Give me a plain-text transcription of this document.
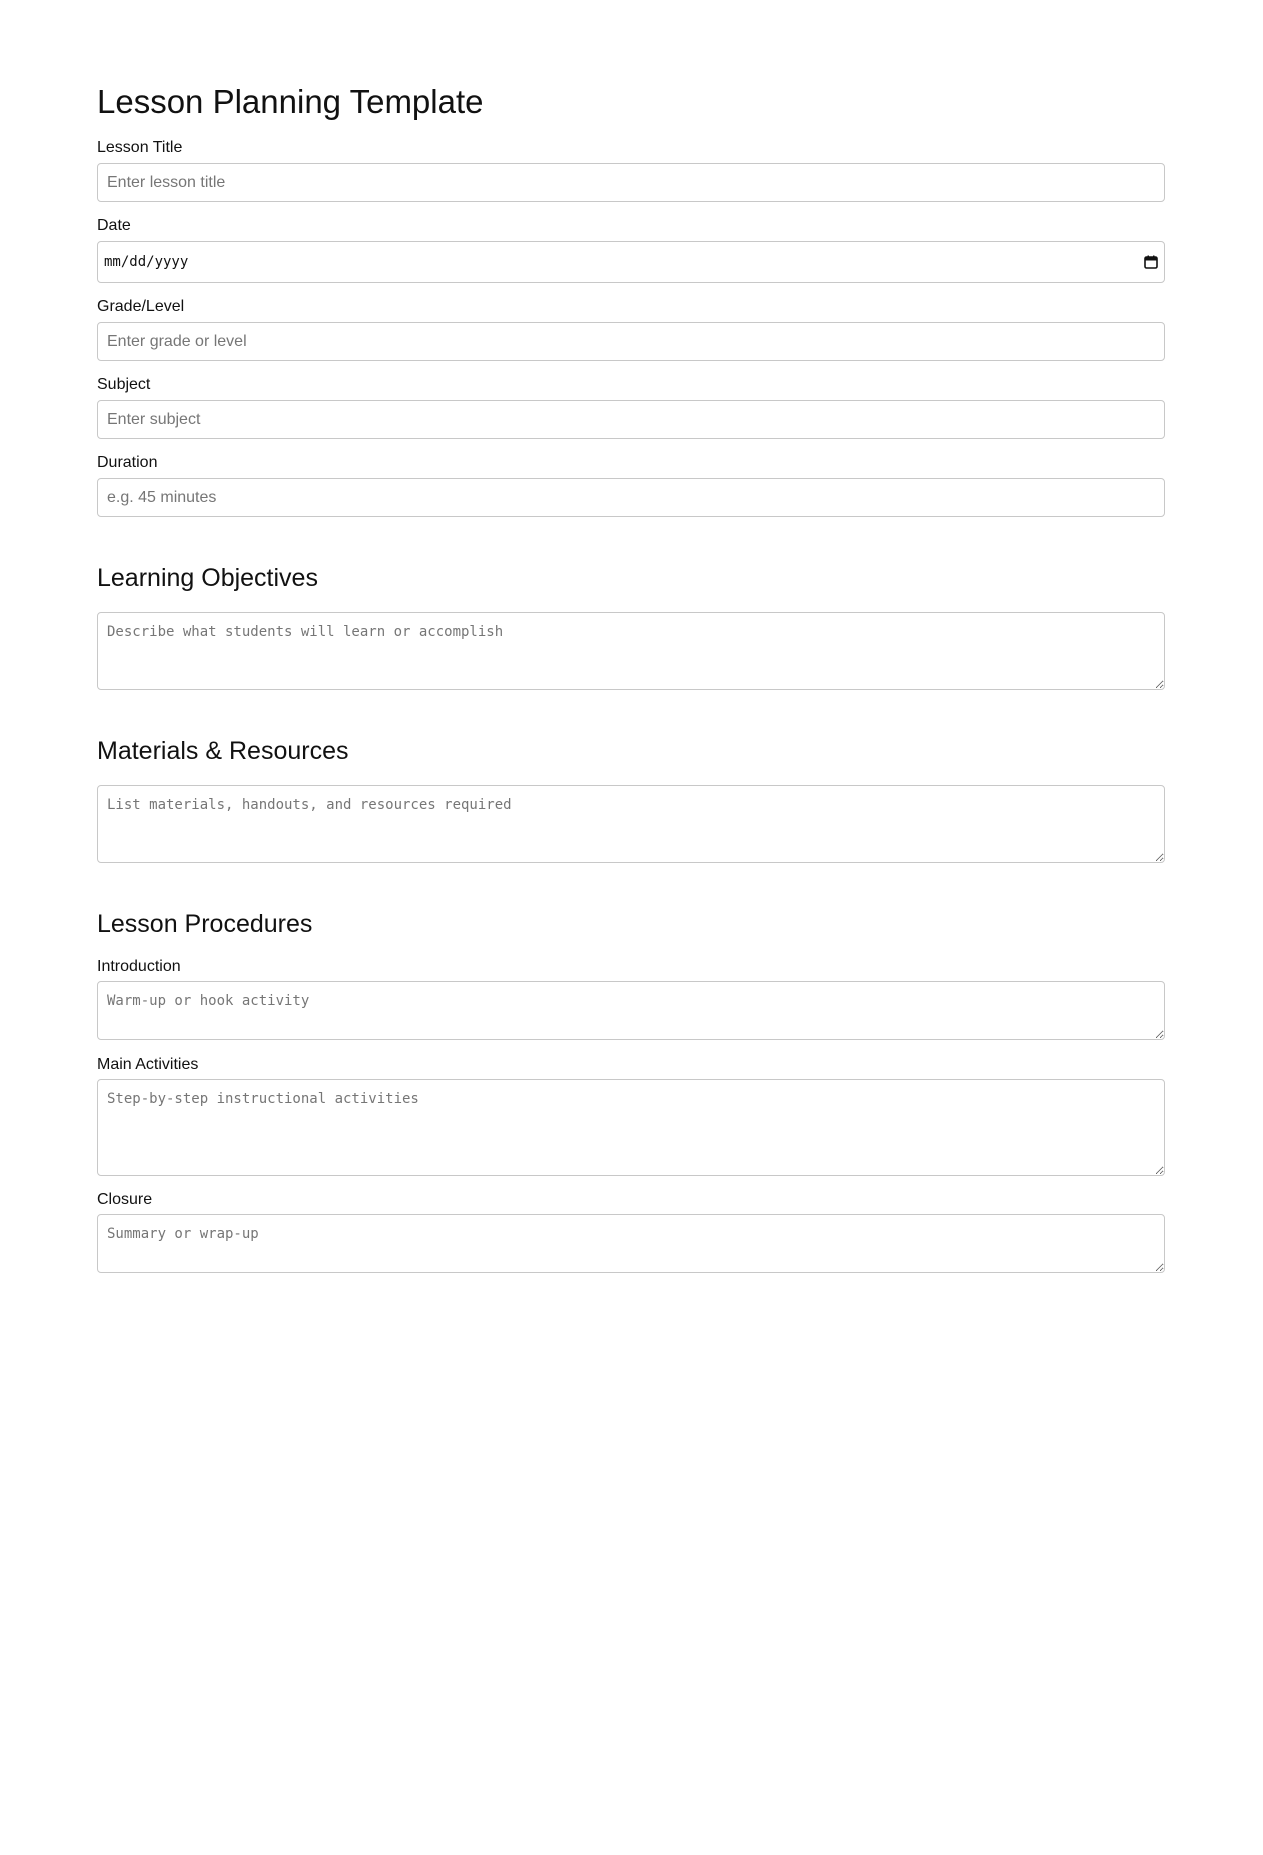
Lesson Planning Template
Lesson Title
Enter lesson title
Date
mm/dd/yyyy
Grade/Level
Enter grade or level
Subject
Enter subject
Duration
e.g. 45 minutes
Learning Objectives
Describe what students will learn or accomplish
Materials & Resources
List materials, handouts, and resources required
Lesson Procedures
Introduction
Warm-up or hook activity
Main Activities
Step-by-step instructional activities
Closure
Summary or wrap-up
